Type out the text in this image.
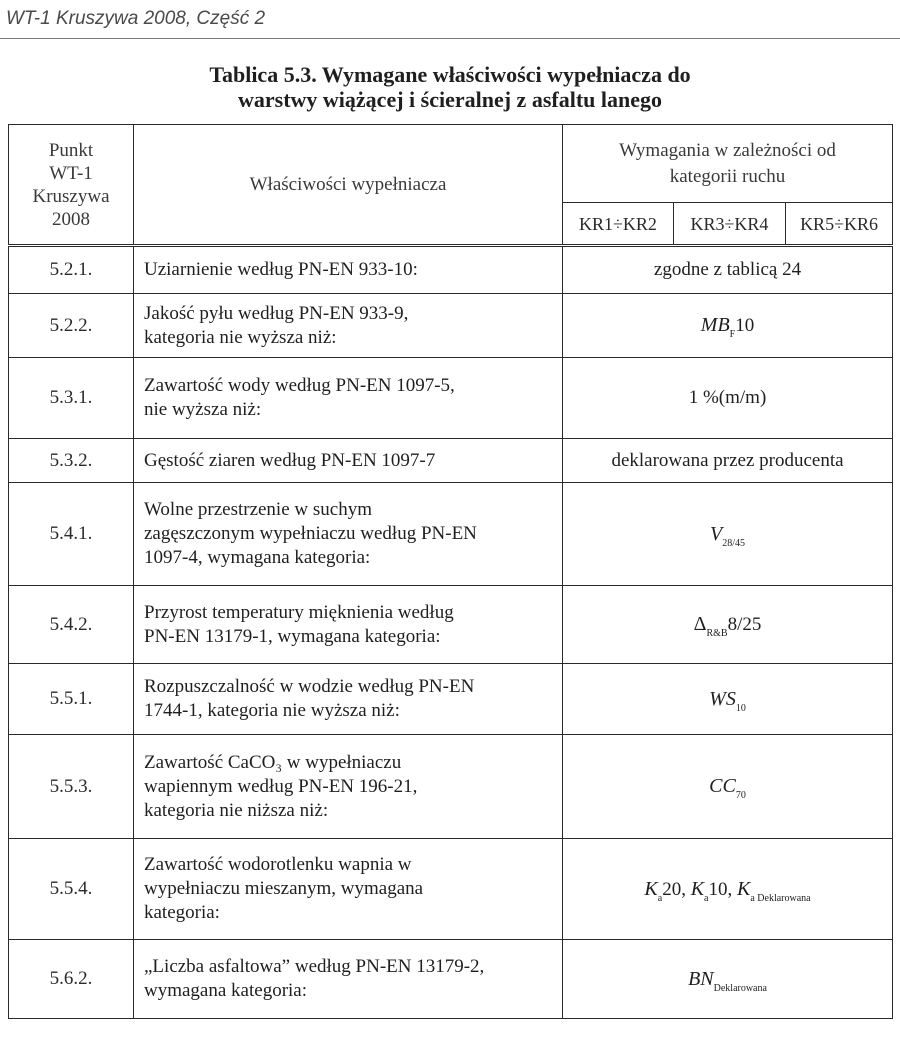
WT-1 Kruszywa 2008, Część 2
Tablica 5.3. Wymagane właściwości wypełniacza do
warstwy wiążącej i ścieralnej z asfaltu lanego
Punkt
WT-1
Kruszywa
2008	Właściwości wypełniacza	Wymagania w zależności od
kategorii ruchu		
		KR1÷KR2	KR3÷KR4	KR5÷KR6
5.2.1.	Uziarnienie według PN-EN 933-10:	zgodne z tablicą 24		
5.2.2.	Jakość pyłu według PN-EN 933-9,
kategoria nie wyższa niż:	$MB_F10$		
5.3.1.	Zawartość wody według PN-EN 1097-5,
nie wyższa niż:	1 %(m/m)		
5.3.2.	Gęstość ziaren według PN-EN 1097-7	deklarowana przez producenta		
5.4.1.	Wolne przestrzenie w suchym
zagęszczonym wypełniaczu według PN-EN
1097-4, wymagana kategoria:	$V_{28/45}$
5.4.2.	Przyrost temperatury mięknienia według
PN-EN 13179-1, wymagana kategoria:	$\Delta_{R\&B}8/25$		
5.5.1.	Rozpuszczalność w wodzie według PN-EN
1744-1, kategoria nie wyższa niż:	$WS_{10}$
5.5.3.	Zawartość CaCO₃ w wypełniaczu
wapiennym według PN-EN 196-21,
kategoria nie niższa niż:	$CC_{70}$
5.5.4.	Zawartość wodorotlenku wapnia w
wypełniaczu mieszanym, wymagana
kategoria:	$K_a20$, $K_a10$, $K_{a Deklarowana}$
5.6.2.	„Liczba asfaltowa” według PN-EN 13179-2,
wymagana kategoria:	$BN_{Deklarowana}$
